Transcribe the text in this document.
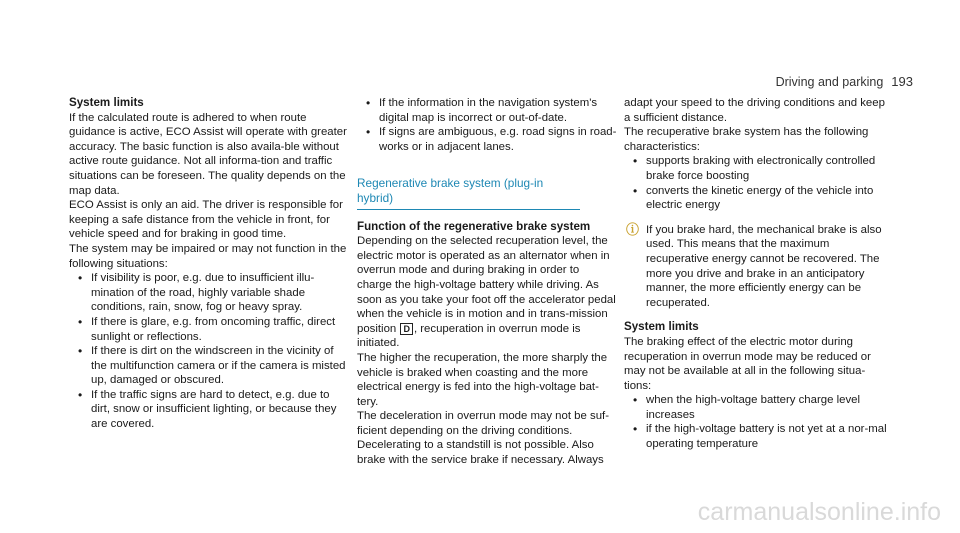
Driving and parking 193

System limits

If the calculated route is adhered to when route guidance is active, ECO Assist will operate with greater accuracy. The basic function is also availa-ble without active route guidance. Not all informa-tion and traffic situations can be foreseen. The quality depends on the map data.

ECO Assist is only an aid. The driver is responsible for keeping a safe distance from the vehicle in front, for vehicle speed and for braking in good time.

The system may be impaired or may not function in the following situations:

• If visibility is poor, e.g. due to insufficient illu-mination of the road, highly variable shade conditions, rain, snow, fog or heavy spray.
• If there is glare, e.g. from oncoming traffic, direct sunlight or reflections.
• If there is dirt on the windscreen in the vicinity of the multifunction camera or if the camera is misted up, damaged or obscured.
• If the traffic signs are hard to detect, e.g. due to dirt, snow or insufficient lighting, or because they are covered.
• If the information in the navigation system's digital map is incorrect or out-of-date.
• If signs are ambiguous, e.g. road signs in road-works or in adjacent lanes.
Regenerative brake system (plug-in hybrid)

Function of the regenerative brake system

Depending on the selected recuperation level, the electric motor is operated as an alternator when in overrun mode and during braking in order to charge the high-voltage battery while driving. As soon as you take your foot off the accelerator pedal when the vehicle is in motion and in trans-mission position D , recuperation in overrun mode is initiated.

The higher the recuperation, the more sharply the vehicle is braked when coasting and the more electrical energy is fed into the high-voltage bat-tery.

The deceleration in overrun mode may not be suf-ficient depending on the driving conditions. Decelerating to a standstill is not possible. Also brake with the service brake if necessary. Always

adapt your speed to the driving conditions and keep a sufficient distance.

The recuperative brake system has the following characteristics:

• supports braking with electronically controlled brake force boosting
• converts the kinetic energy of the vehicle into electric energy
ⓘ If you brake hard, the mechanical brake is also used. This means that the maximum recuperative energy cannot be recovered. The more you drive and brake in an anticipatory manner, the more efficiently energy can be recuperated.

System limits

The braking effect of the electric motor during recuperation in overrun mode may be reduced or may not be available at all in the following situa-tions:

• when the high-voltage battery charge level increases
• if the high-voltage battery is not yet at a nor-mal operating temperature
carmanualsonline.info
